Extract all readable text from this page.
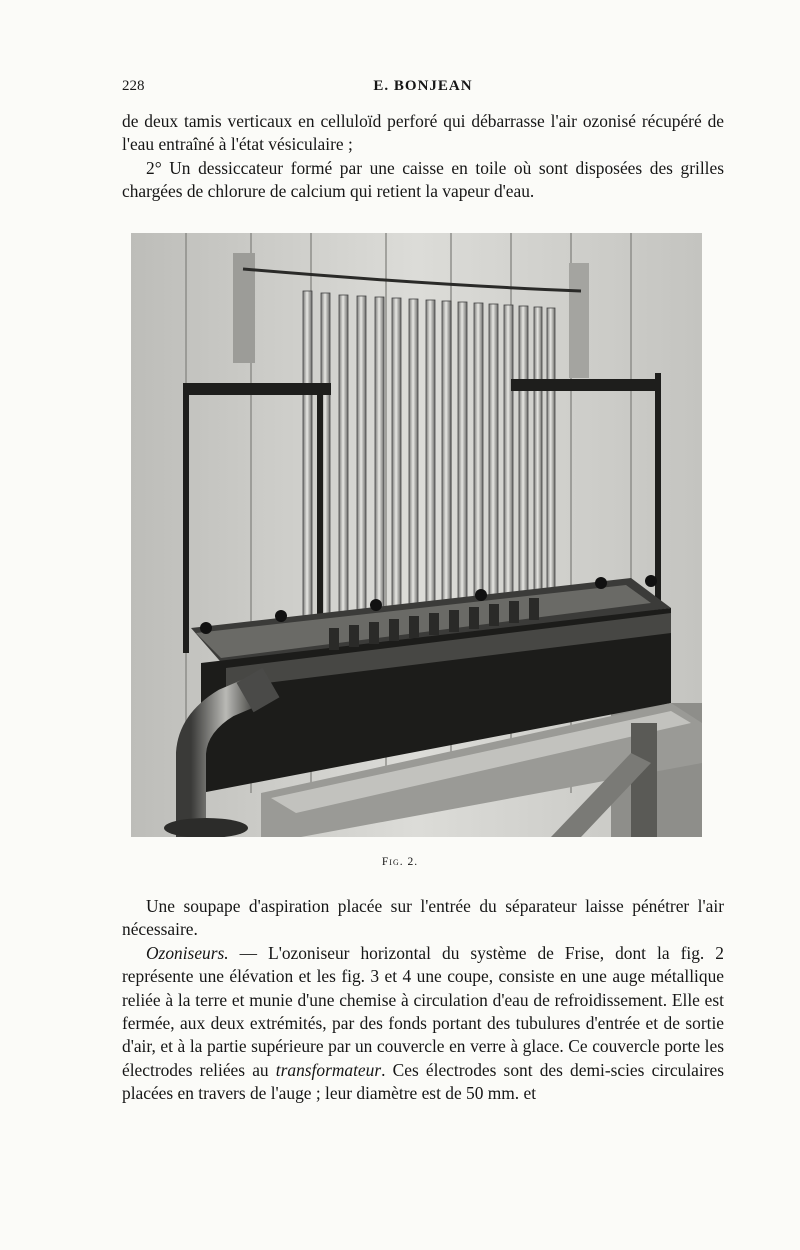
228	E. BONJEAN

de deux tamis verticaux en celluloïd perforé qui débarrasse l'air ozonisé récupéré de l'eau entraîné à l'état vésiculaire ;

2° Un dessiccateur formé par une caisse en toile où sont disposées des grilles chargées de chlorure de calcium qui retient la vapeur d'eau.

Fig. 2.

Une soupape d'aspiration placée sur l'entrée du séparateur laisse pénétrer l'air nécessaire.

Ozoniseurs. — L'ozoniseur horizontal du système de Frise, dont la fig. 2 représente une élévation et les fig. 3 et 4 une coupe, consiste en une auge métallique reliée à la terre et munie d'une chemise à circulation d'eau de refroidissement. Elle est fermée, aux deux extrémités, par des fonds portant des tubulures d'entrée et de sortie d'air, et à la partie supérieure par un couvercle en verre à glace. Ce couvercle porte les électrodes reliées au transformateur. Ces électrodes sont des demi-scies circulaires placées en travers de l'auge ; leur diamètre est de 50 mm. et
